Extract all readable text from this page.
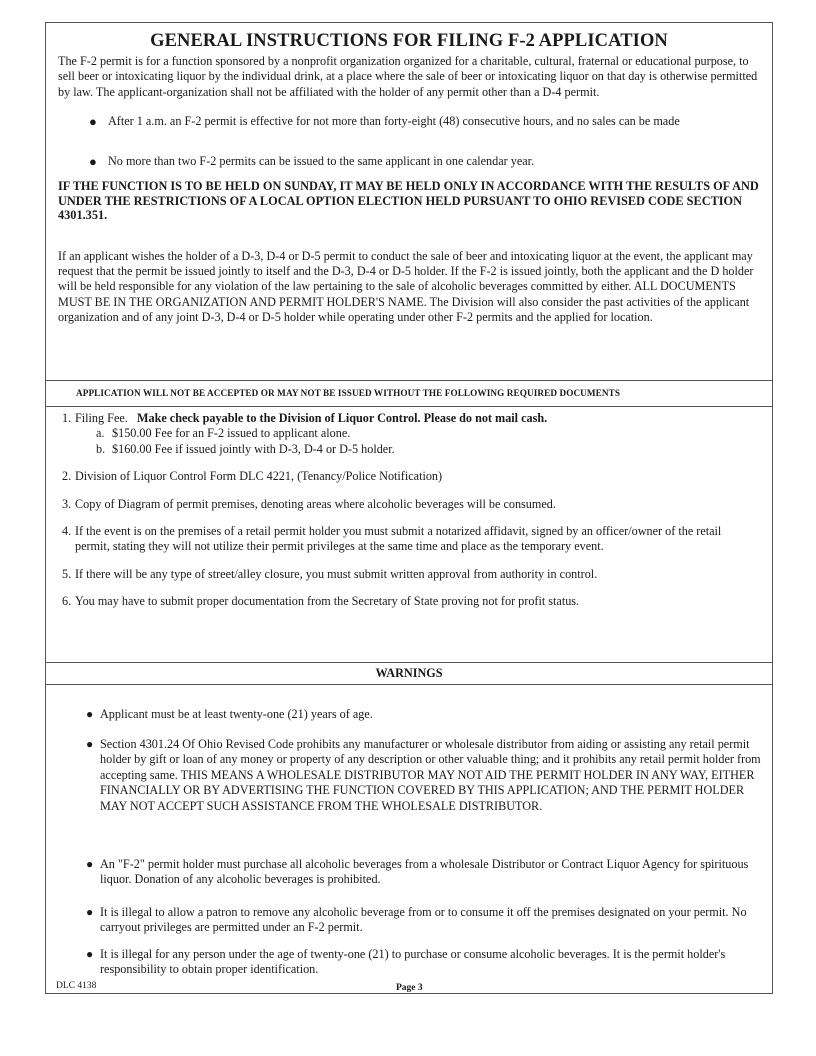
GENERAL INSTRUCTIONS FOR FILING F-2 APPLICATION

The F-2 permit is for a function sponsored by a nonprofit organization organized for a charitable, cultural, fraternal or educational purpose, to sell beer or intoxicating liquor by the individual drink, at a place where the sale of beer or intoxicating liquor on that day is otherwise permitted by law. The applicant-organization shall not be affiliated with the holder of any permit other than a D-4 permit.

● After 1 a.m. an F-2 permit is effective for not more than forty-eight (48) consecutive hours, and no sales can be made
● No more than two F-2 permits can be issued to the same applicant in one calendar year.

IF THE FUNCTION IS TO BE HELD ON SUNDAY, IT MAY BE HELD ONLY IN ACCORDANCE WITH THE RESULTS OF AND UNDER THE RESTRICTIONS OF A LOCAL OPTION ELECTION HELD PURSUANT TO OHIO REVISED CODE SECTION 4301.351.

If an applicant wishes the holder of a D-3, D-4 or D-5 permit to conduct the sale of beer and intoxicating liquor at the event, the applicant may request that the permit be issued jointly to itself and the D-3, D-4 or D-5 holder. If the F-2 is issued jointly, both the applicant and the D holder will be held responsible for any violation of the law pertaining to the sale of alcoholic beverages committed by either. ALL DOCUMENTS MUST BE IN THE ORGANIZATION AND PERMIT HOLDER'S NAME. The Division will also consider the past activities of the applicant organization and of any joint D-3, D-4 or D-5 holder while operating under other F-2 permits and the applied for location.

APPLICATION WILL NOT BE ACCEPTED OR MAY NOT BE ISSUED WITHOUT THE FOLLOWING REQUIRED DOCUMENTS
1. Filing Fee. Make check payable to the Division of Liquor Control. Please do not mail cash.
a. $150.00 Fee for an F-2 issued to applicant alone.
b. $160.00 Fee if issued jointly with D-3, D-4 or D-5 holder.
2. Division of Liquor Control Form DLC 4221, (Tenancy/Police Notification)
3. Copy of Diagram of permit premises, denoting areas where alcoholic beverages will be consumed.
4. If the event is on the premises of a retail permit holder you must submit a notarized affidavit, signed by an officer/owner of the retail permit, stating they will not utilize their permit privileges at the same time and place as the temporary event.
5. If there will be any type of street/alley closure, you must submit written approval from authority in control.
6. You may have to submit proper documentation from the Secretary of State proving not for profit status.
WARNINGS
● Applicant must be at least twenty-one (21) years of age.
● Section 4301.24 Of Ohio Revised Code prohibits any manufacturer or wholesale distributor from aiding or assisting any retail permit holder by gift or loan of any money or property of any description or other valuable thing; and it prohibits any retail permit holder from accepting same. THIS MEANS A WHOLESALE DISTRIBUTOR MAY NOT AID THE PERMIT HOLDER IN ANY WAY, EITHER FINANCIALLY OR BY ADVERTISING THE FUNCTION COVERED BY THIS APPLICATION; AND THE PERMIT HOLDER MAY NOT ACCEPT SUCH ASSISTANCE FROM THE WHOLESALE DISTRIBUTOR.
● An "F-2" permit holder must purchase all alcoholic beverages from a wholesale Distributor or Contract Liquor Agency for spirituous liquor. Donation of any alcoholic beverages is prohibited.
● It is illegal to allow a patron to remove any alcoholic beverage from or to consume it off the premises designated on your permit. No carryout privileges are permitted under an F-2 permit.
● It is illegal for any person under the age of twenty-one (21) to purchase or consume alcoholic beverages. It is the permit holder's responsibility to obtain proper identification.
DLC 4138	Page 3
